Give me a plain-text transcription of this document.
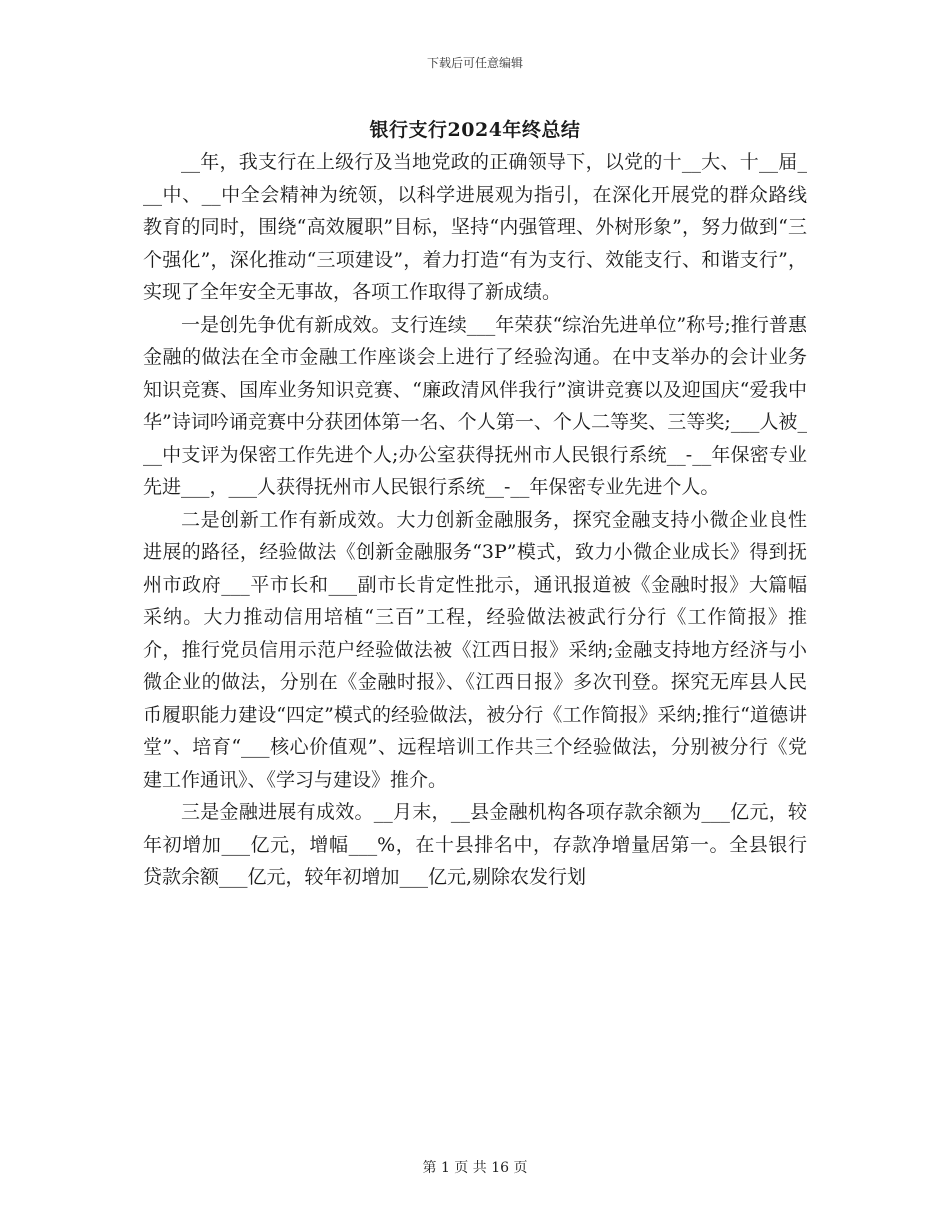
下载后可任意编辑
银行支行2024年终总结

__年，我支行在上级行及当地党政的正确领导下，以党的十__大、十__届___中、__中全会精神为统领，以科学进展观为指引，在深化开展党的群众路线教育的同时，围绕“高效履职”目标，坚持“内强管理、外树形象”，努力做到“三个强化”，深化推动“三项建设”，着力打造“有为支行、效能支行、和谐支行”，实现了全年安全无事故，各项工作取得了新成绩。

一是创先争优有新成效。支行连续___年荣获“综治先进单位”称号;推行普惠金融的做法在全市金融工作座谈会上进行了经验沟通。在中支举办的会计业务知识竞赛、国库业务知识竞赛、“廉政清风伴我行”演讲竞赛以及迎国庆“爱我中华”诗词吟诵竞赛中分获团体第一名、个人第一、个人二等奖、三等奖;___人被___中支评为保密工作先进个人;办公室获得抚州市人民银行系统__-__年保密专业先进___，___人获得抚州市人民银行系统__-__年保密专业先进个人。

二是创新工作有新成效。大力创新金融服务，探究金融支持小微企业良性进展的路径，经验做法《创新金融服务“3P”模式，致力小微企业成长》得到抚州市政府___平市长和___副市长肯定性批示，通讯报道被《金融时报》大篇幅采纳。大力推动信用培植“三百”工程，经验做法被武行分行《工作简报》推介，推行党员信用示范户经验做法被《江西日报》采纳;金融支持地方经济与小微企业的做法，分别在《金融时报》、《江西日报》多次刊登。探究无库县人民币履职能力建设“四定”模式的经验做法，被分行《工作简报》采纳;推行“道德讲堂”、培育“___核心价值观”、远程培训工作共三个经验做法，分别被分行《党建工作通讯》、《学习与建设》推介。

三是金融进展有成效。__月末，__县金融机构各项存款余额为___亿元，较年初增加___亿元，增幅___%，在十县排名中，存款净增量居第一。全县银行贷款余额___亿元，较年初增加___亿元,剔除农发行划

第 1 页 共 16 页
